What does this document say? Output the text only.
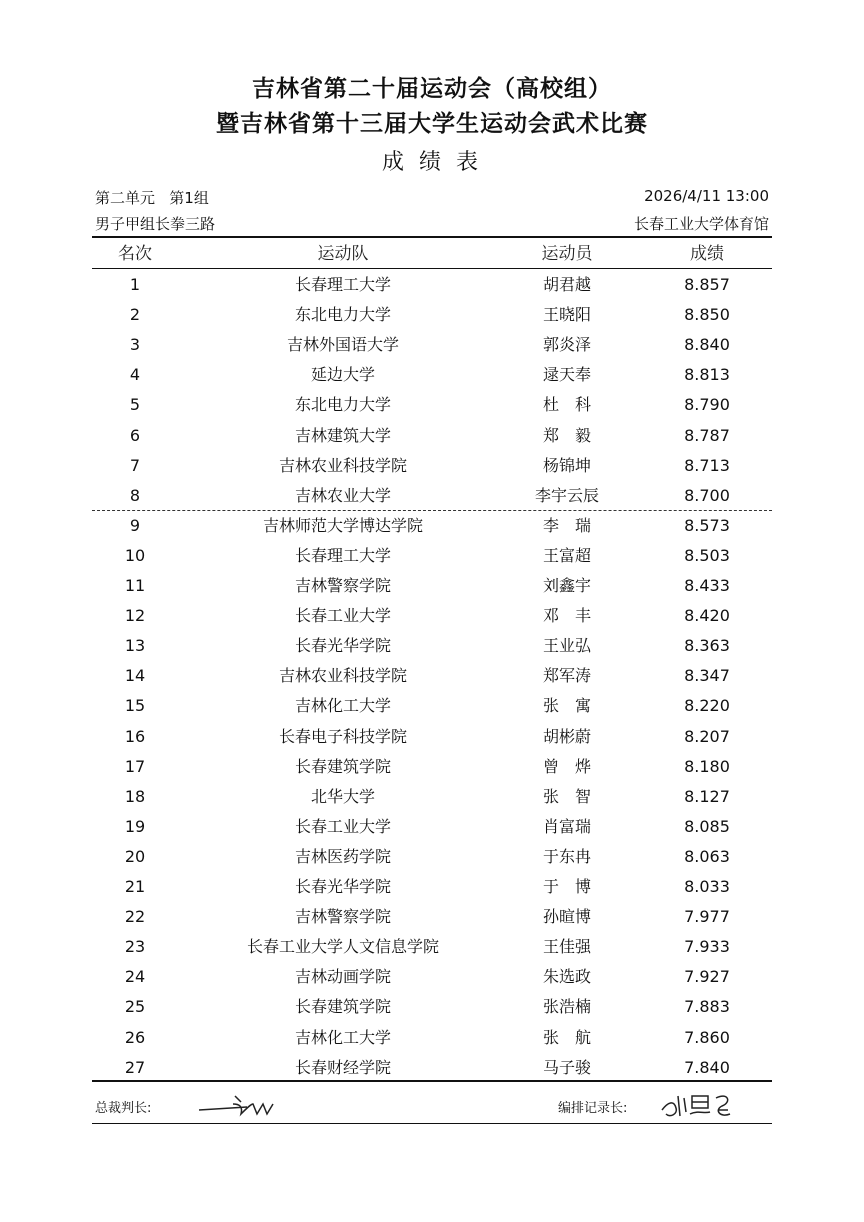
吉林省第二十届运动会（高校组）
暨吉林省第十三届大学生运动会武术比赛
成 绩 表
第二单元   第1组	2026/4/11 13:00
男子甲组长拳三路	长春工业大学体育馆
名次	运动队	运动员	成绩
1	长春理工大学	胡君越	8.857
2	东北电力大学	王晓阳	8.850
3	吉林外国语大学	郭炎泽	8.840
4	延边大学	逯天奉	8.813
5	东北电力大学	杜　科	8.790
6	吉林建筑大学	郑　毅	8.787
7	吉林农业科技学院	杨锦坤	8.713
8	吉林农业大学	李宇云辰	8.700
9	吉林师范大学博达学院	李　瑞	8.573
10	长春理工大学	王富超	8.503
11	吉林警察学院	刘鑫宇	8.433
12	长春工业大学	邓　丰	8.420
13	长春光华学院	王业弘	8.363
14	吉林农业科技学院	郑军涛	8.347
15	吉林化工大学	张　寓	8.220
16	长春电子科技学院	胡彬蔚	8.207
17	长春建筑学院	曾　烨	8.180
18	北华大学	张　智	8.127
19	长春工业大学	肖富瑞	8.085
20	吉林医药学院	于东冉	8.063
21	长春光华学院	于　博	8.033
22	吉林警察学院	孙暄博	7.977
23	长春工业大学人文信息学院	王佳强	7.933
24	吉林动画学院	朱选政	7.927
25	长春建筑学院	张浩楠	7.883
26	吉林化工大学	张　航	7.860
27	长春财经学院	马子骏	7.840
总裁判长:	编排记录长:
